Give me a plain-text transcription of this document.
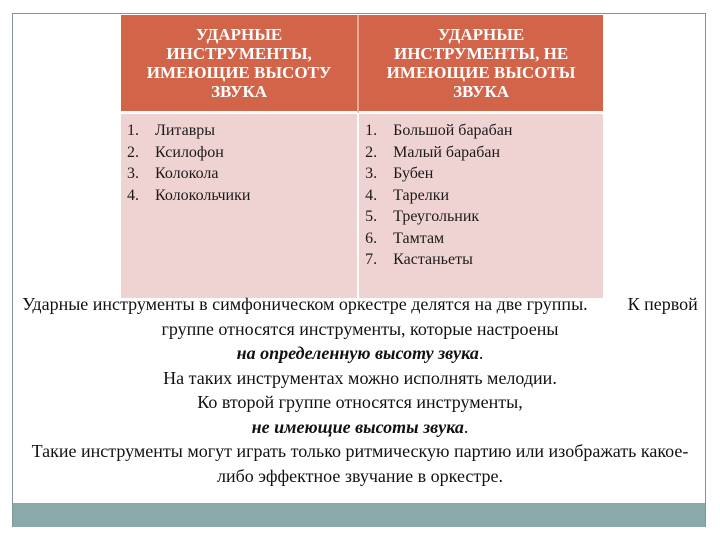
УДАРНЫЕ ИНСТРУМЕНТЫ, ИМЕЮЩИЕ ВЫСОТУ ЗВУКА	УДАРНЫЕ ИНСТРУМЕНТЫ, НЕ ИМЕЮЩИЕ ВЫСОТЫ ЗВУКА

1.	Литавры
2.	Ксилофон
3.	Колокола
4.	Колокольчики

1.	Большой барабан
2.	Малый барабан
3.	Бубен
4.	Тарелки
5.	Треугольник
6.	Тамтам
7.	Кастаньеты

Ударные инструменты в симфоническом оркестре делятся на две группы. К первой группе относятся инструменты, которые настроены

на определенную высоту звука.

На таких инструментах можно исполнять мелодии.

Ко второй группе относятся инструменты,

не имеющие высоты звука.

Такие инструменты могут играть только ритмическую партию или изображать какое-либо эффектное звучание в оркестре.
